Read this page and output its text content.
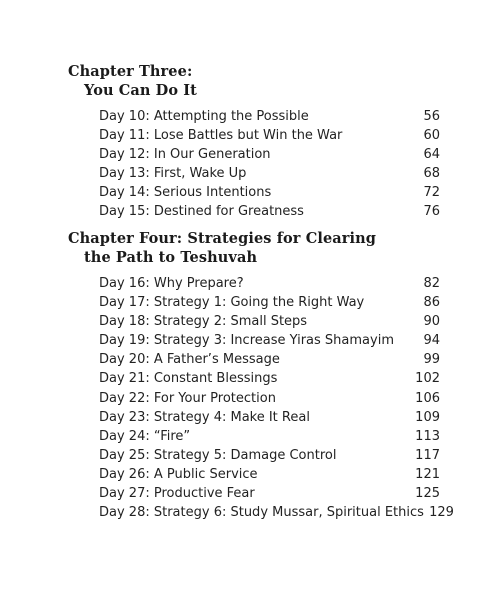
Chapter Three:
You Can Do It
Day 10: Attempting the Possible	56
Day 11: Lose Battles but Win the War	60
Day 12: In Our Generation	64
Day 13: First, Wake Up	68
Day 14: Serious Intentions	72
Day 15: Destined for Greatness	76
Chapter Four: Strategies for Clearing
the Path to Teshuvah
Day 16: Why Prepare?	82
Day 17: Strategy 1: Going the Right Way	86
Day 18: Strategy 2: Small Steps	90
Day 19: Strategy 3: Increase Yiras Shamayim	94
Day 20: A Father’s Message	99
Day 21: Constant Blessings	102
Day 22: For Your Protection	106
Day 23: Strategy 4: Make It Real	109
Day 24: “Fire”	113
Day 25: Strategy 5: Damage Control	117
Day 26: A Public Service	121
Day 27: Productive Fear	125
Day 28: Strategy 6: Study Mussar, Spiritual Ethics 129
